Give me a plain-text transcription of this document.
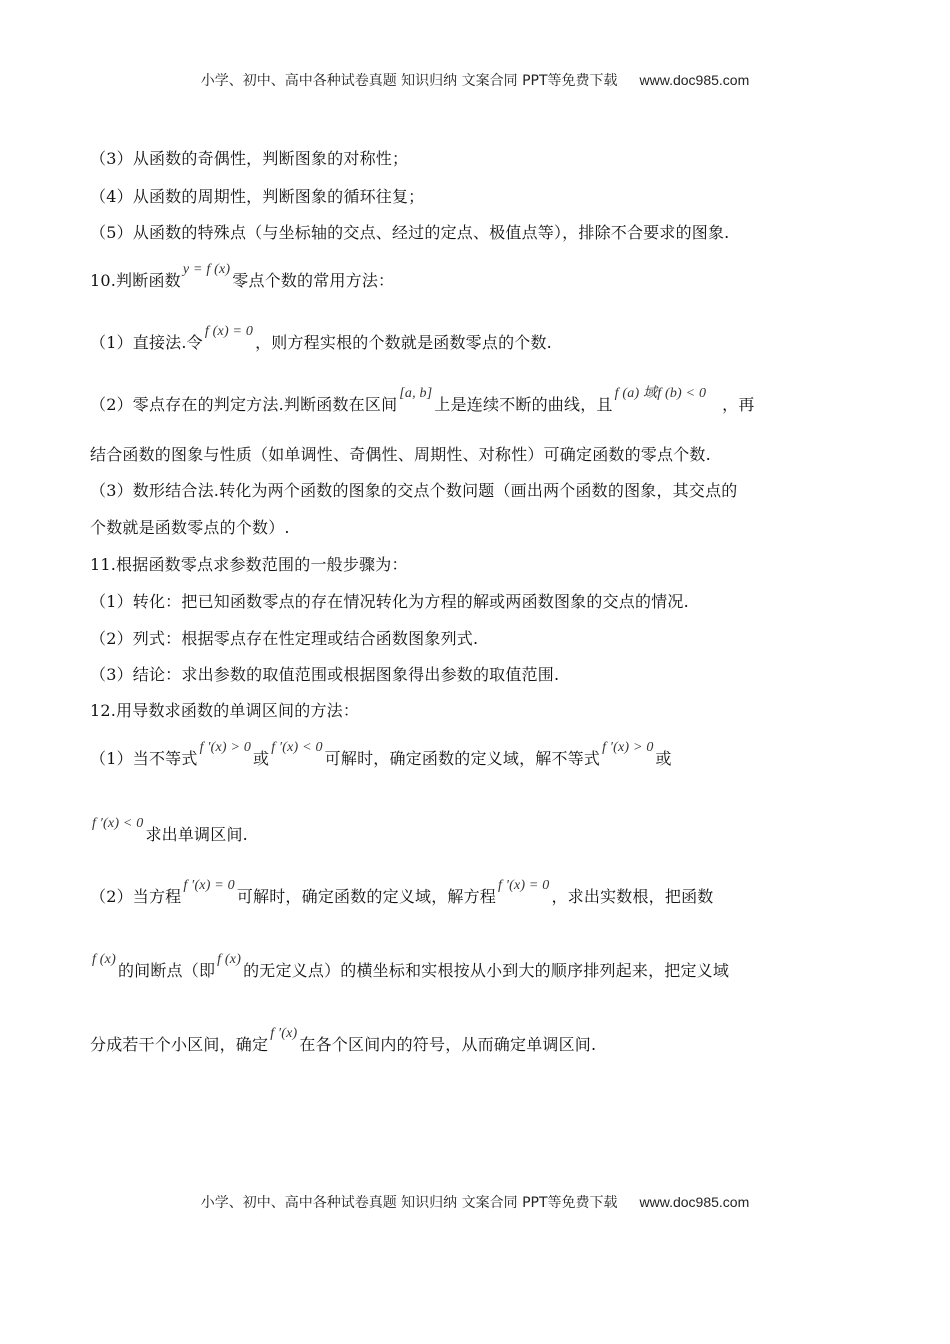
小学、初中、高中各种试卷真题 知识归纳 文案合同 PPT等免费下载 www.doc985.com
（3）从函数的奇偶性，判断图象的对称性；
（4）从函数的周期性，判断图象的循环往复；
（5）从函数的特殊点（与坐标轴的交点、经过的定点、极值点等），排除不合要求的图象.
10.判断函数y = f (x)零点个数的常用方法：
（1）直接法.令f (x) = 0，则方程实根的个数就是函数零点的个数.
（2）零点存在的判定方法.判断函数在区间[a, b]上是连续不断的曲线，且f (a) 域f (b) < 0，再
结合函数的图象与性质（如单调性、奇偶性、周期性、对称性）可确定函数的零点个数.
（3）数形结合法.转化为两个函数的图象的交点个数问题（画出两个函数的图象，其交点的
个数就是函数零点的个数）.
11.根据函数零点求参数范围的一般步骤为：
（1）转化：把已知函数零点的存在情况转化为方程的解或两函数图象的交点的情况.
（2）列式：根据零点存在性定理或结合函数图象列式.
（3）结论：求出参数的取值范围或根据图象得出参数的取值范围.
12.用导数求函数的单调区间的方法：
（1）当不等式f ′(x) > 0或f ′(x) < 0可解时，确定函数的定义域，解不等式f ′(x) > 0或
f ′(x) < 0求出单调区间.
（2）当方程f ′(x) = 0可解时，确定函数的定义域，解方程f ′(x) = 0，求出实数根，把函数
f (x)的间断点（即f (x)的无定义点）的横坐标和实根按从小到大的顺序排列起来，把定义域
分成若干个小区间，确定f ′(x)在各个区间内的符号，从而确定单调区间.
小学、初中、高中各种试卷真题 知识归纳 文案合同 PPT等免费下载 www.doc985.com
